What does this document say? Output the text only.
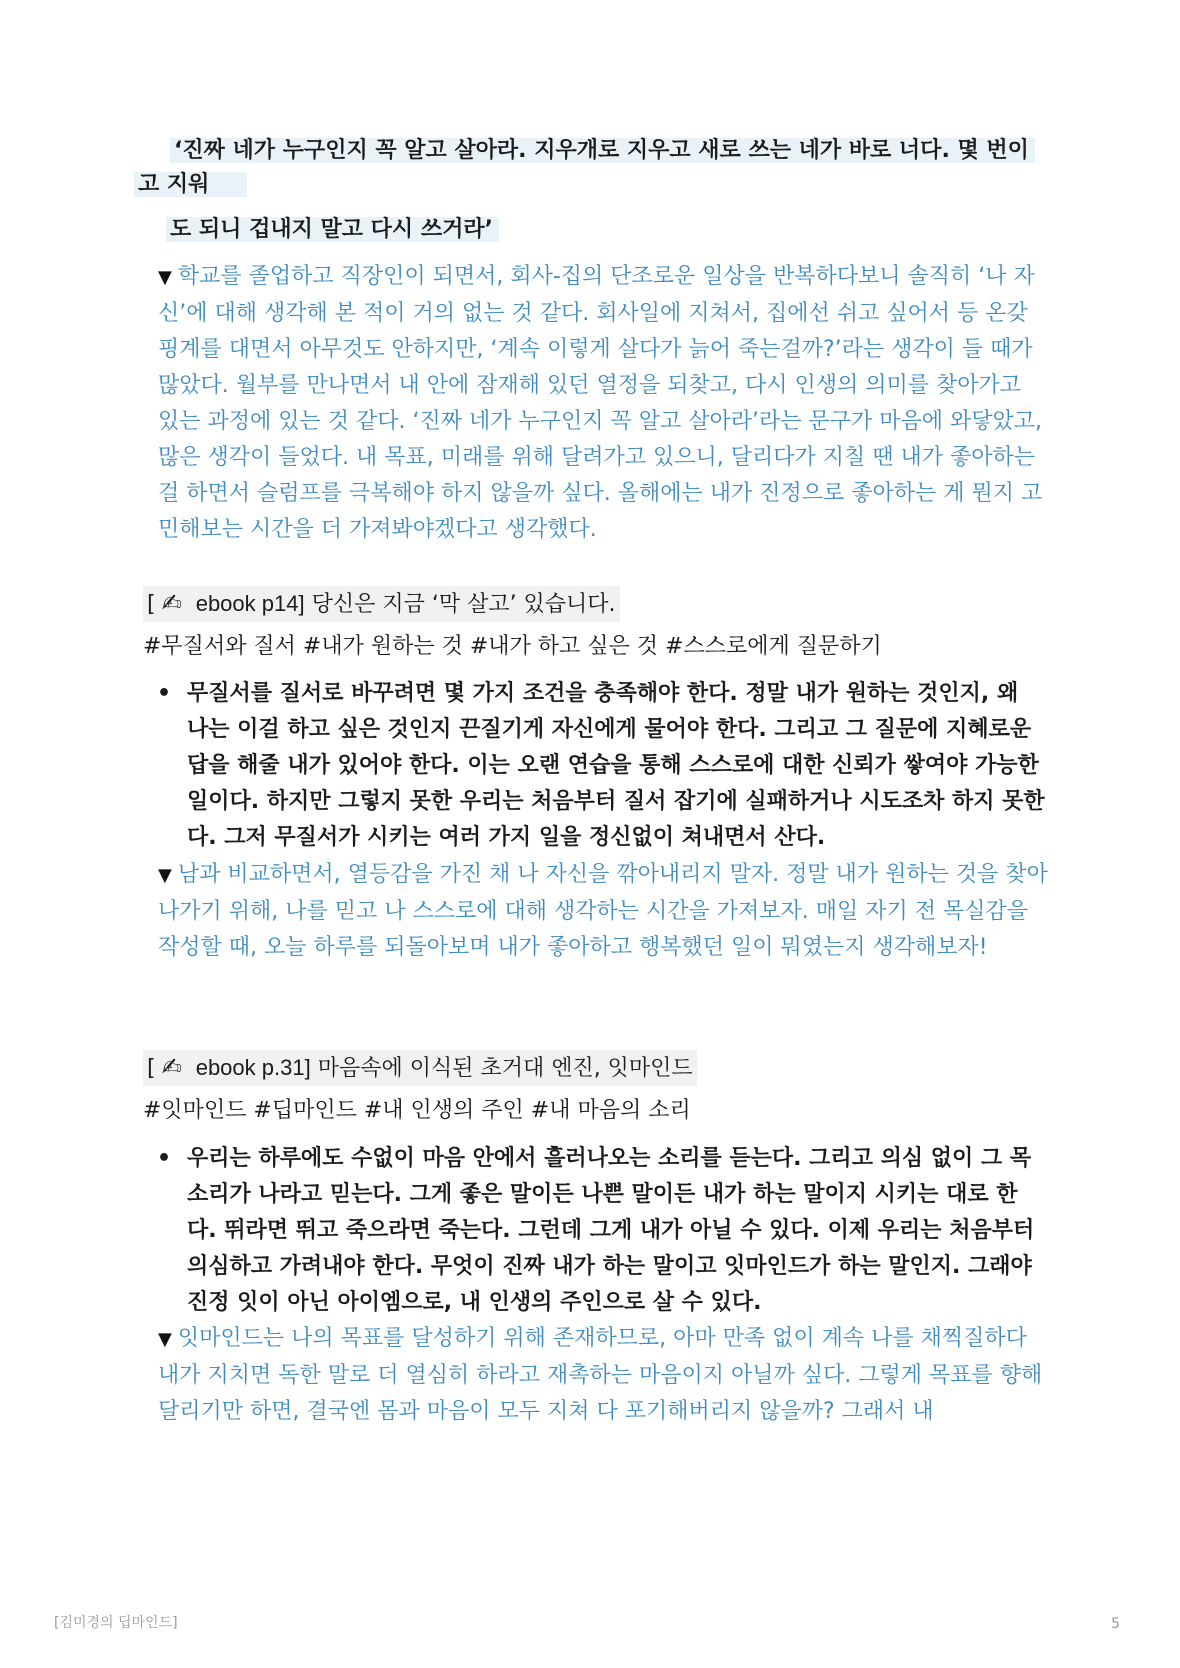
‘진짜 네가 누구인지 꼭 알고 살아라. 지우개로 지우고 새로 쓰는 네가 바로 너다. 몇 번이
고 지워
도 되니 겁내지 말고 다시 쓰거라’

▼ 학교를 졸업하고 직장인이 되면서, 회사-집의 단조로운 일상을 반복하다보니 솔직히 ‘나 자신’에 대해 생각해 본 적이 거의 없는 것 같다. 회사일에 지쳐서, 집에선 쉬고 싶어서 등 온갖 핑계를 대면서 아무것도 안하지만, ‘계속 이렇게 살다가 늙어 죽는걸까?’라는 생각이 들 때가 많았다. 월부를 만나면서 내 안에 잠재해 있던 열정을 되찾고, 다시 인생의 의미를 찾아가고 있는 과정에 있는 것 같다. ‘진짜 네가 누구인지 꼭 알고 살아라’라는 문구가 마음에 와닿았고, 많은 생각이 들었다. 내 목표, 미래를 위해 달려가고 있으니, 달리다가 지칠 땐 내가 좋아하는 걸 하면서 슬럼프를 극복해야 하지 않을까 싶다. 올해에는 내가 진정으로 좋아하는 게 뭔지 고민해보는 시간을 더 가져봐야겠다고 생각했다.

[ ✍ ebook p14] 당신은 지금 ‘막 살고’ 있습니다.
#무질서와 질서 #내가 원하는 것 #내가 하고 싶은 것 #스스로에게 질문하기
• 무질서를 질서로 바꾸려면 몇 가지 조건을 충족해야 한다. 정말 내가 원하는 것인지, 왜 나는 이걸 하고 싶은 것인지 끈질기게 자신에게 물어야 한다. 그리고 그 질문에 지혜로운 답을 해줄 내가 있어야 한다. 이는 오랜 연습을 통해 스스로에 대한 신뢰가 쌓여야 가능한 일이다. 하지만 그렇지 못한 우리는 처음부터 질서 잡기에 실패하거나 시도조차 하지 못한다. 그저 무질서가 시키는 여러 가지 일을 정신없이 쳐내면서 산다.

▼ 남과 비교하면서, 열등감을 가진 채 나 자신을 깎아내리지 말자. 정말 내가 원하는 것을 찾아나가기 위해, 나를 믿고 나 스스로에 대해 생각하는 시간을 가져보자. 매일 자기 전 목실감을 작성할 때, 오늘 하루를 되돌아보며 내가 좋아하고 행복했던 일이 뭐였는지 생각해보자!

[ ✍ ebook p.31] 마음속에 이식된 초거대 엔진, 잇마인드
#잇마인드 #딥마인드 #내 인생의 주인 #내 마음의 소리
• 우리는 하루에도 수없이 마음 안에서 흘러나오는 소리를 듣는다. 그리고 의심 없이 그 목소리가 나라고 믿는다. 그게 좋은 말이든 나쁜 말이든 내가 하는 말이지 시키는 대로 한다. 뛰라면 뛰고 죽으라면 죽는다. 그런데 그게 내가 아닐 수 있다. 이제 우리는 처음부터 의심하고 가려내야 한다. 무엇이 진짜 내가 하는 말이고 잇마인드가 하는 말인지. 그래야 진정 잇이 아닌 아이엠으로, 내 인생의 주인으로 살 수 있다.

▼ 잇마인드는 나의 목표를 달성하기 위해 존재하므로, 아마 만족 없이 계속 나를 채찍질하다 내가 지치면 독한 말로 더 열심히 하라고 재촉하는 마음이지 아닐까 싶다. 그렇게 목표를 향해 달리기만 하면, 결국엔 몸과 마음이 모두 지쳐 다 포기해버리지 않을까? 그래서 내

[김미경의 딥마인드]	5
